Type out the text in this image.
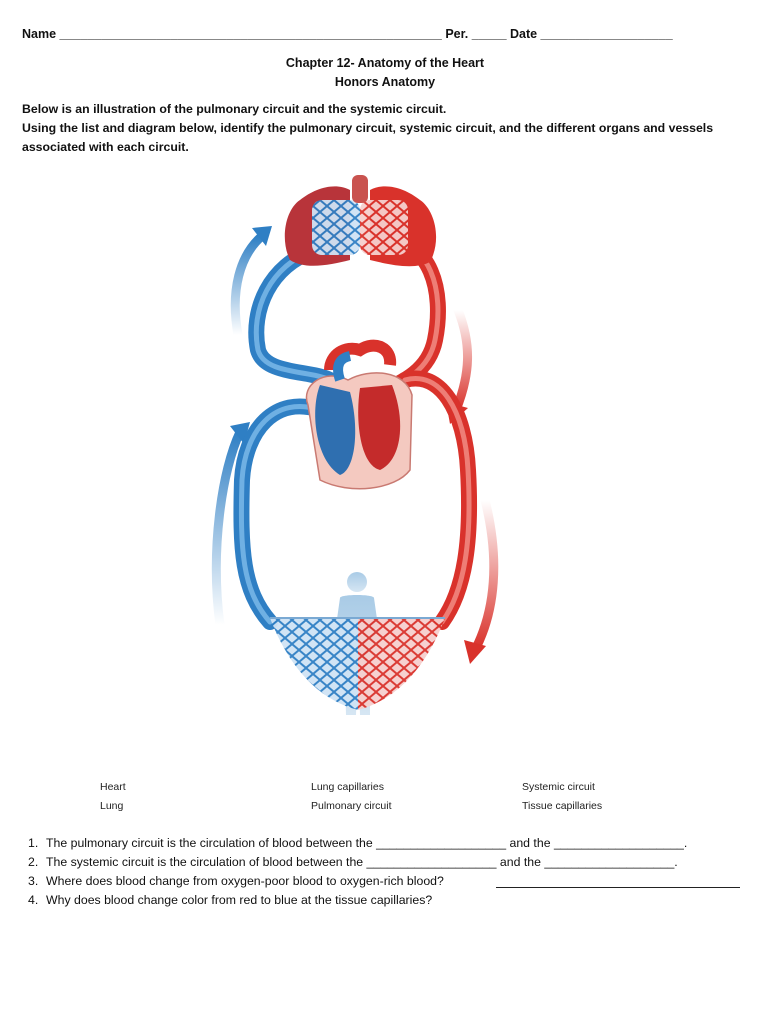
Name _______________________________________________________ Per. _____ Date ___________________
Chapter 12- Anatomy of the Heart
Honors Anatomy
Below is an illustration of the pulmonary circuit and the systemic circuit.
Using the list and diagram below, identify the pulmonary circuit, systemic circuit, and the different organs and vessels associated with each circuit.
Heart	Lung capillaries	Systemic circuit
Lung	Pulmonary circuit	Tissue capillaries
1. The pulmonary circuit is the circulation of blood between the ___________________ and the ___________________.
2. The systemic circuit is the circulation of blood between the ___________________ and the ___________________.
3. Where does blood change from oxygen-poor blood to oxygen-rich blood?
4. Why does blood change color from red to blue at the tissue capillaries?
